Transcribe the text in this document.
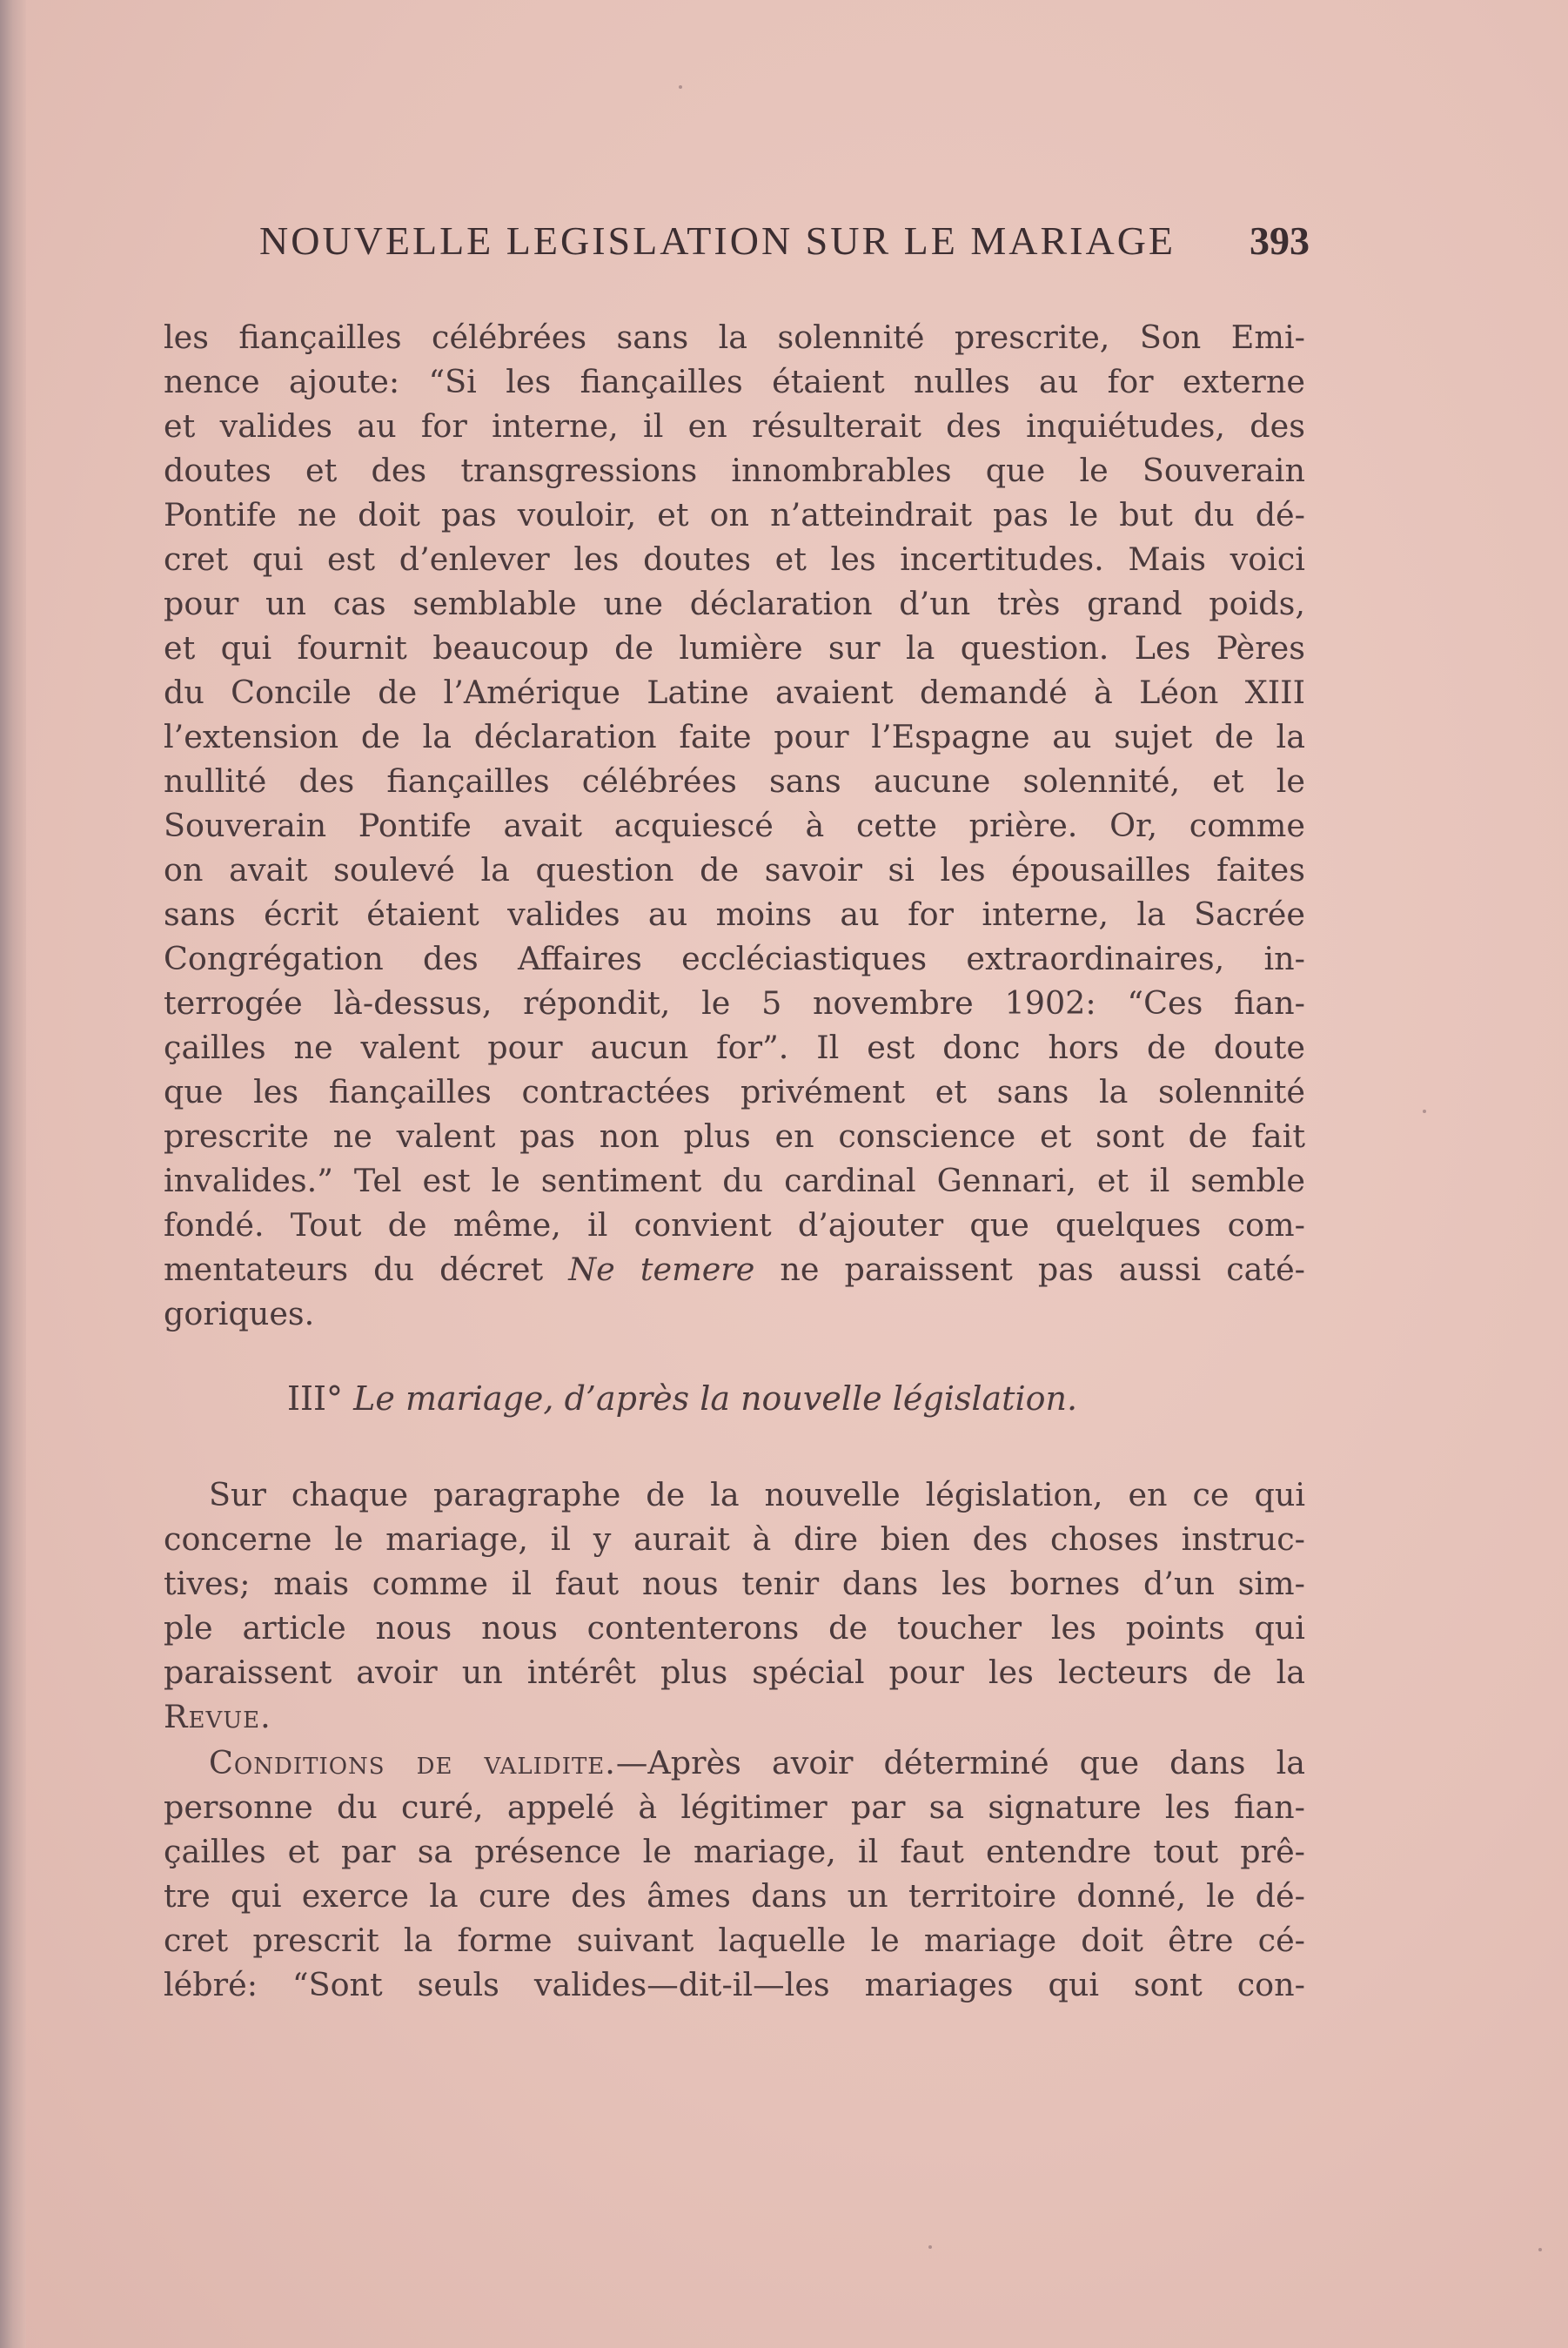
NOUVELLE LEGISLATION SUR LE MARIAGE 393
les fiançailles célébrées sans la solennité prescrite, Son Emi-
nence ajoute: “Si les fiançailles étaient nulles au for externe
et valides au for interne, il en résulterait des inquiétudes, des
doutes et des transgressions innombrables que le Souverain
Pontife ne doit pas vouloir, et on n’atteindrait pas le but du dé-
cret qui est d’enlever les doutes et les incertitudes. Mais voici
pour un cas semblable une déclaration d’un très grand poids,
et qui fournit beaucoup de lumière sur la question. Les Pères
du Concile de l’Amérique Latine avaient demandé à Léon XIII
l’extension de la déclaration faite pour l’Espagne au sujet de la
nullité des fiançailles célébrées sans aucune solennité, et le
Souverain Pontife avait acquiescé à cette prière. Or, comme
on avait soulevé la question de savoir si les épousailles faites
sans écrit étaient valides au moins au for interne, la Sacrée
Congrégation des Affaires eccléciastiques extraordinaires, in-
terrogée là-dessus, répondit, le 5 novembre 1902: “Ces fian-
çailles ne valent pour aucun for”. Il est donc hors de doute
que les fiançailles contractées privément et sans la solennité
prescrite ne valent pas non plus en conscience et sont de fait
invalides.” Tel est le sentiment du cardinal Gennari, et il semble
fondé. Tout de même, il convient d’ajouter que quelques com-
mentateurs du décret Ne temere ne paraissent pas aussi caté-
goriques.
III° Le mariage, d’après la nouvelle législation.
Sur chaque paragraphe de la nouvelle législation, en ce qui
concerne le mariage, il y aurait à dire bien des choses instruc-
tives; mais comme il faut nous tenir dans les bornes d’un sim-
ple article nous nous contenterons de toucher les points qui
paraissent avoir un intérêt plus spécial pour les lecteurs de la
Revue.
Conditions de validite.—Après avoir déterminé que dans la
personne du curé, appelé à légitimer par sa signature les fian-
çailles et par sa présence le mariage, il faut entendre tout prê-
tre qui exerce la cure des âmes dans un territoire donné, le dé-
cret prescrit la forme suivant laquelle le mariage doit être cé-
lébré: “Sont seuls valides—dit-il—les mariages qui sont con-
